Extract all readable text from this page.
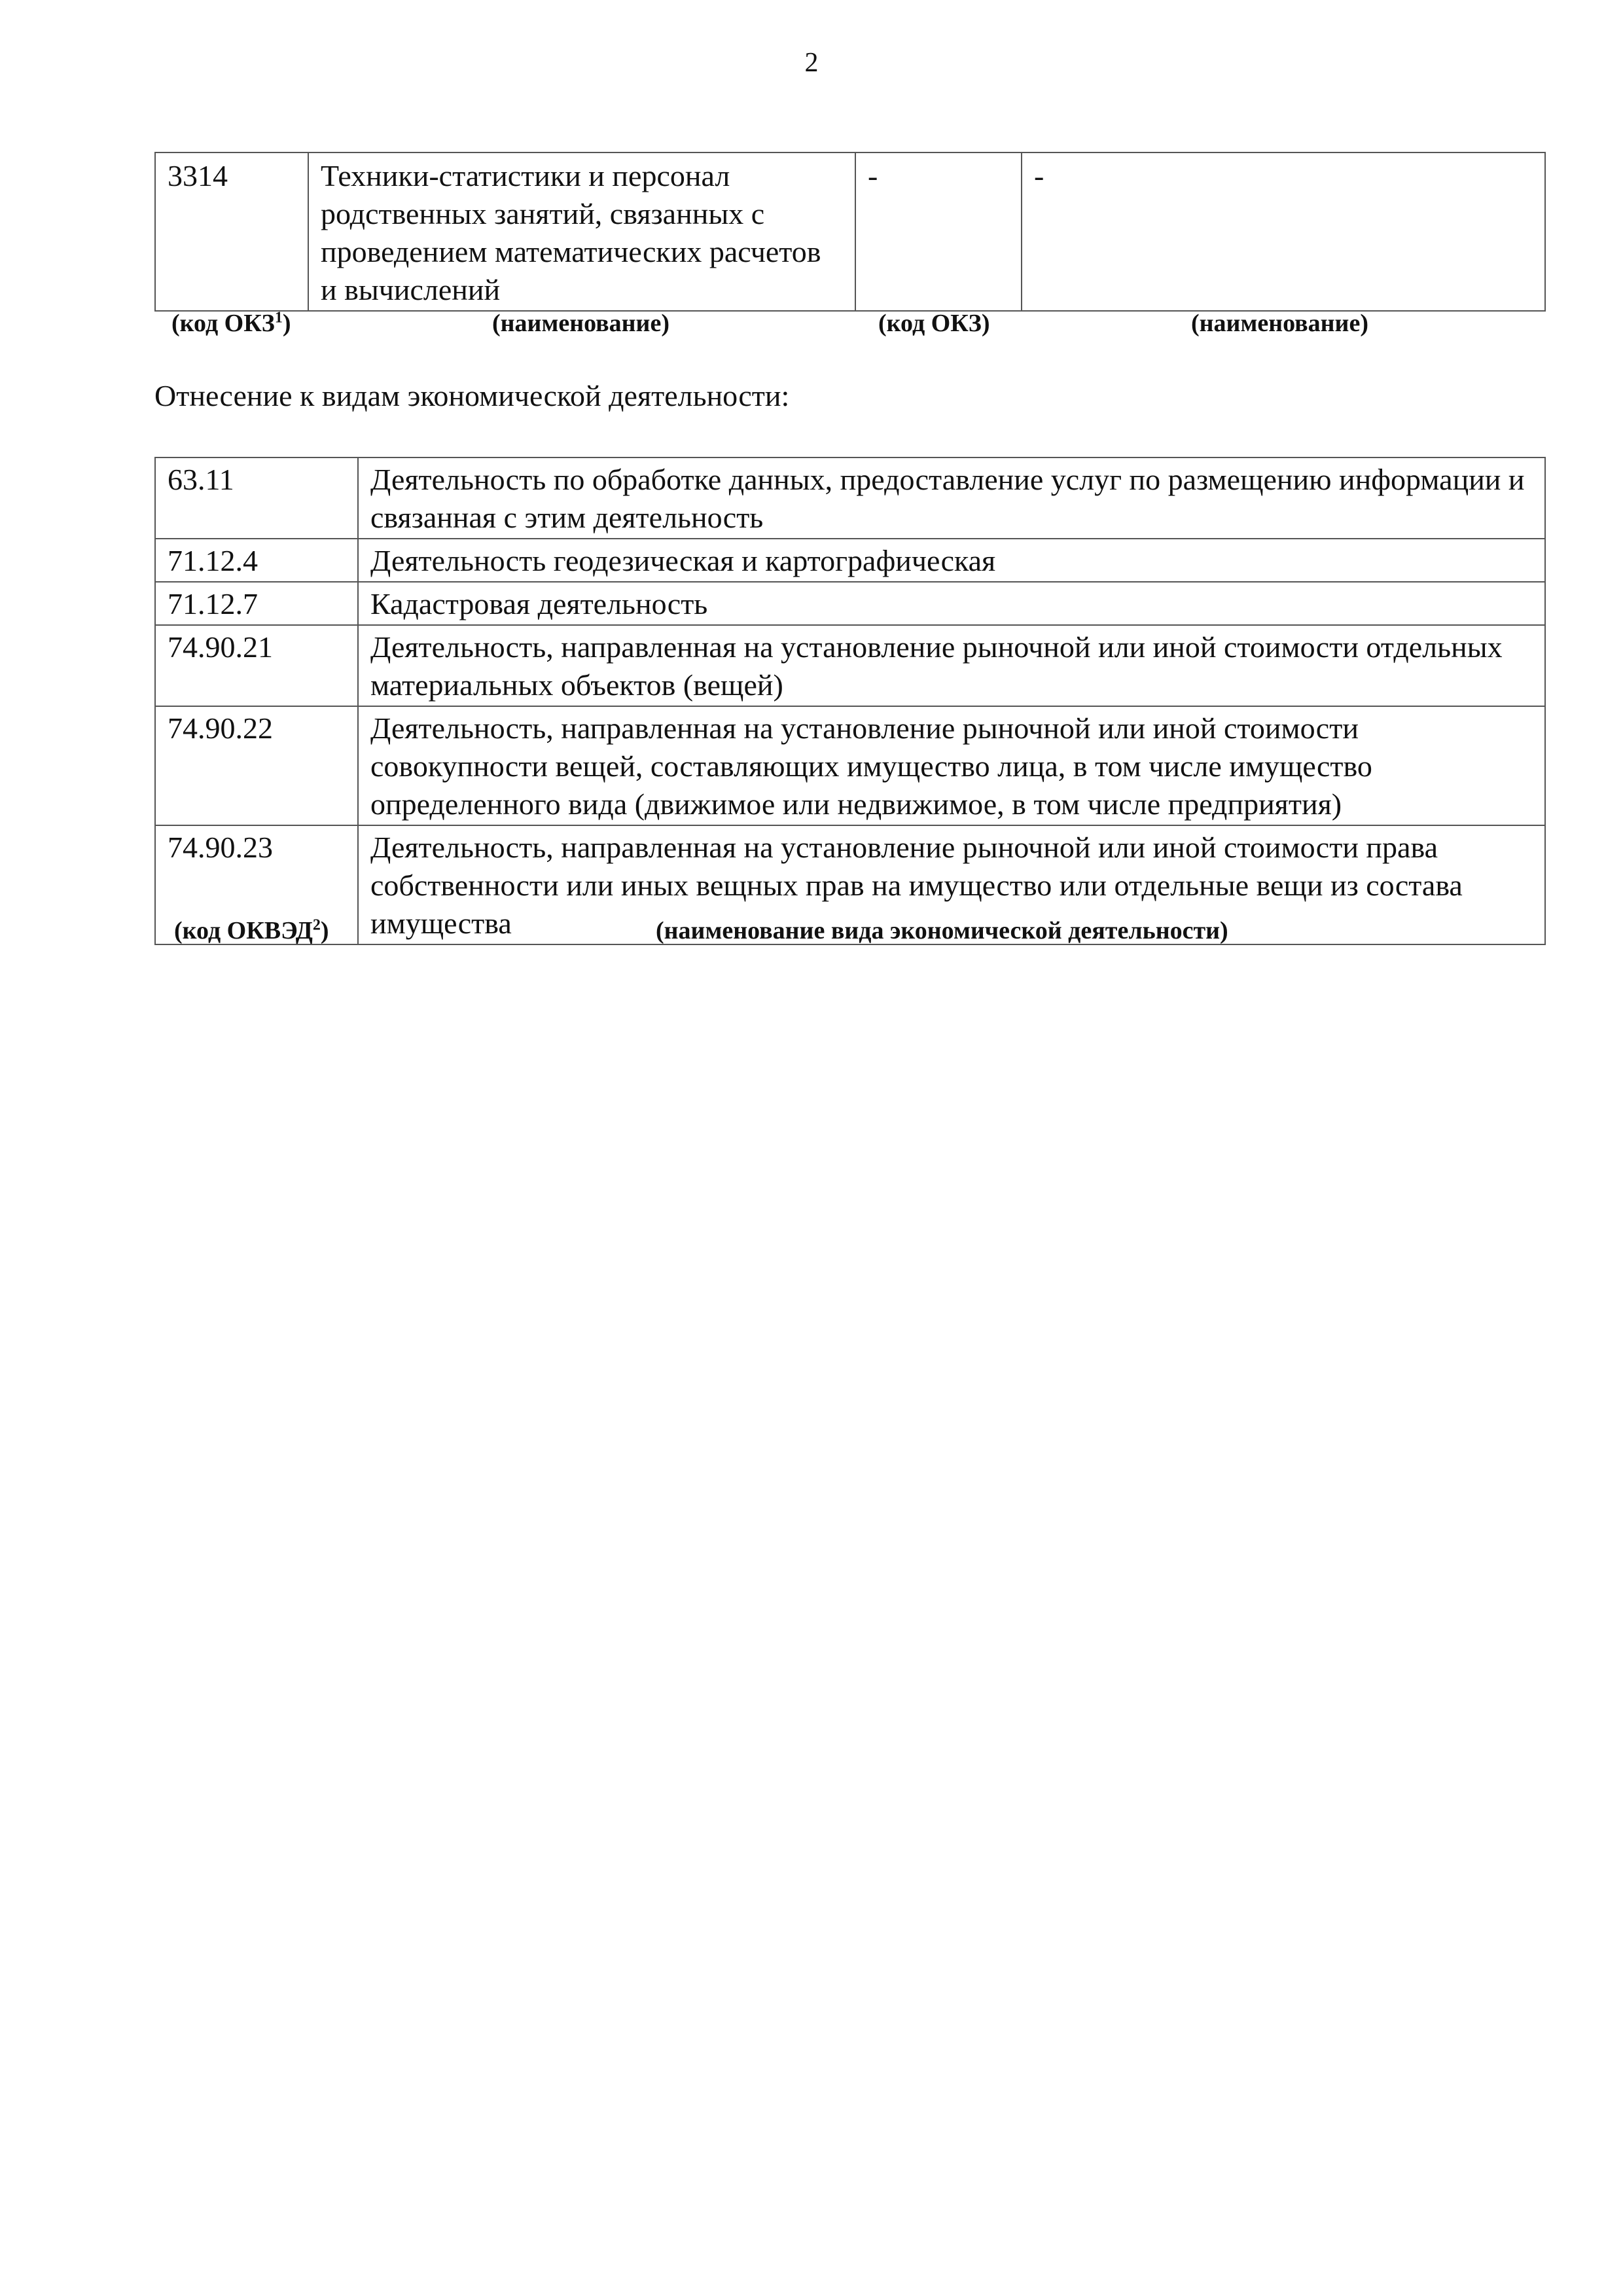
2
3314	Техники-статистики и персонал родственных занятий, связанных с проведением математических расчетов и вычислений	-	-
(код ОКЗ$^1$)	(наименование)	(код ОКЗ)	(наименование)
Отнесение к видам экономической деятельности:
63.11	Деятельность по обработке данных, предоставление услуг по размещению информации и связанная с этим деятельность
71.12.4	Деятельность геодезическая и картографическая
71.12.7	Кадастровая деятельность
74.90.21	Деятельность, направленная на установление рыночной или иной стоимости отдельных материальных объектов (вещей)
74.90.22	Деятельность, направленная на установление рыночной или иной стоимости совокупности вещей, составляющих имущество лица, в том числе имущество определенного вида (движимое или недвижимое, в том числе предприятия)
74.90.23	Деятельность, направленная на установление рыночной или иной стоимости права собственности или иных вещных прав на имущество или отдельные вещи из состава имущества
(код ОКВЭД$^2$)	(наименование вида экономической деятельности)
